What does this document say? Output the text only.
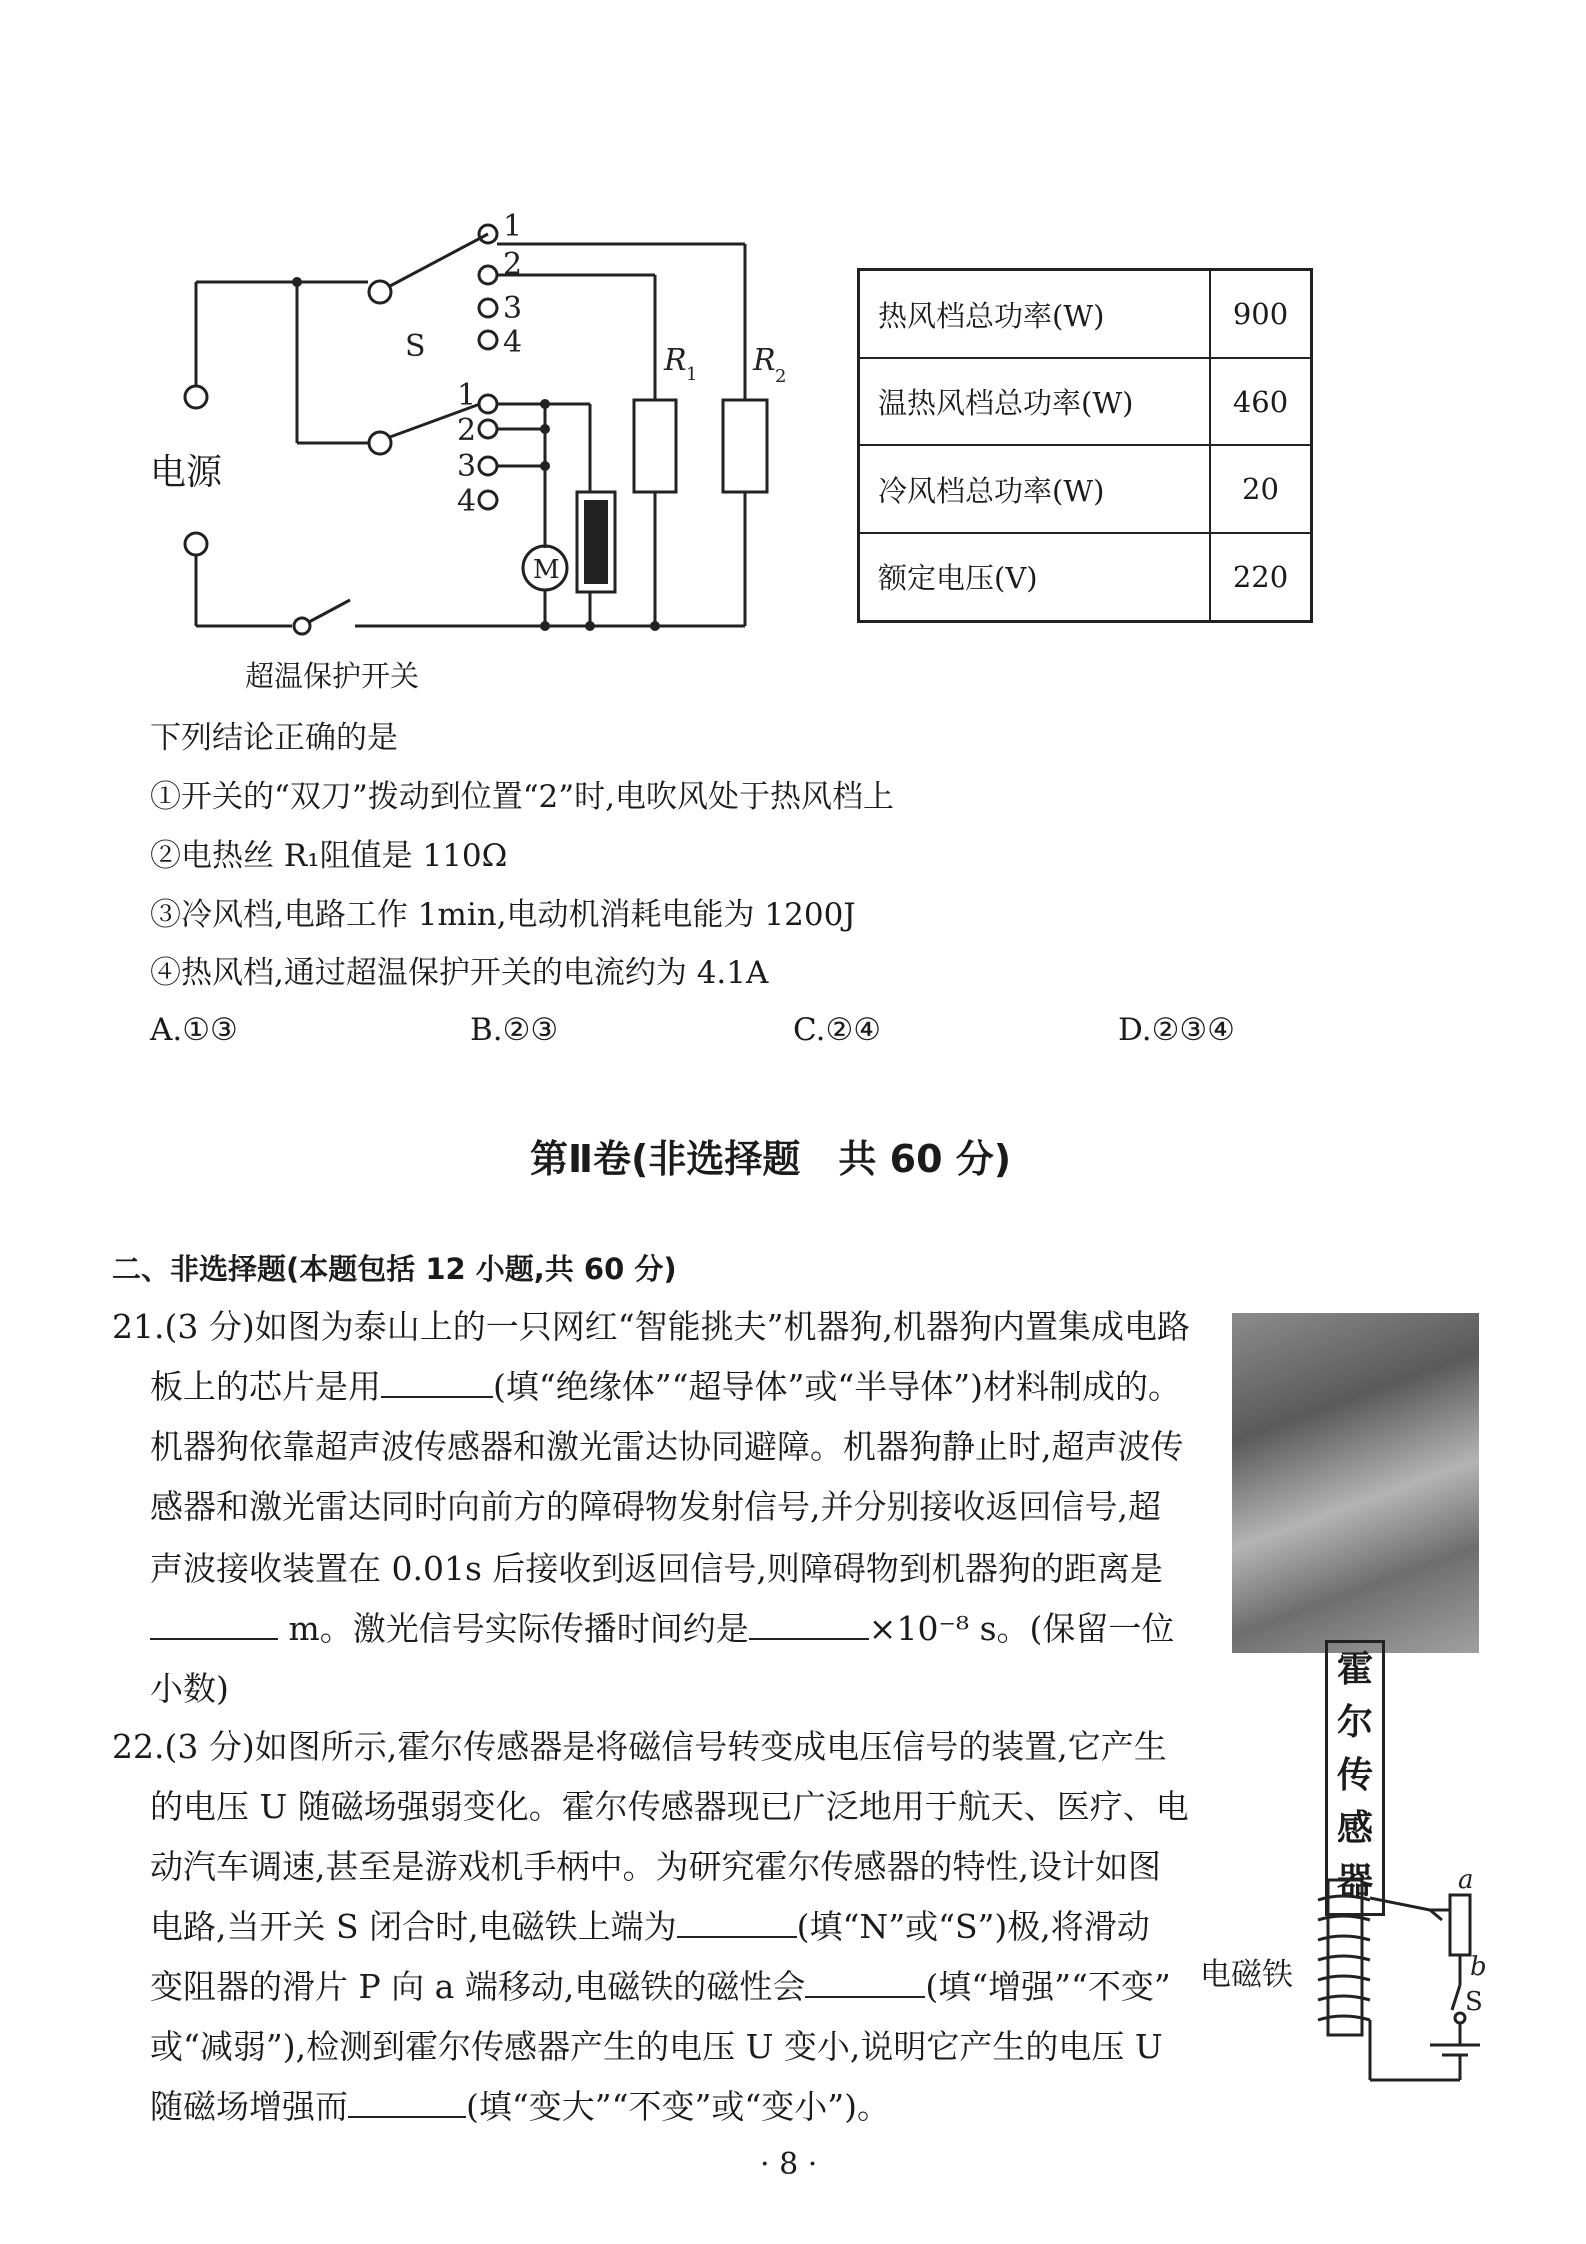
S
1
2
3
4
1
2
3
4
R 1 R 2
M
电源
超温保护开关
热风档总功率(W)	900
温热风档总功率(W)	460
冷风档总功率(W)	20
额定电压(V)	220
下列结论正确的是
①开关的“双刀”拨动到位置“2”时,电吹风处于热风档上
②电热丝 R₁阻值是 110Ω
③冷风档,电路工作 1min,电动机消耗电能为 1200J
④热风档,通过超温保护开关的电流约为 4.1A
A.①③	B.②③	C.②④	D.②③④
第Ⅱ卷(非选择题　共 60 分)
二、非选择题(本题包括 12 小题,共 60 分)
21.(3 分)如图为泰山上的一只网红“智能挑夫”机器狗,机器狗内置集成电路
板上的芯片是用	(填“绝缘体”“超导体”或“半导体”)材料制成的。
机器狗依靠超声波传感器和激光雷达协同避障。机器狗静止时,超声波传
感器和激光雷达同时向前方的障碍物发射信号,并分别接收返回信号,超
声波接收装置在 0.01s 后接收到返回信号,则障碍物到机器狗的距离是
m。激光信号实际传播时间约是	×10⁻⁸ s。(保留一位
小数)	霍
尔
传
感
器	a
b
S
电磁铁
22.(3 分)如图所示,霍尔传感器是将磁信号转变成电压信号的装置,它产生
的电压 U 随磁场强弱变化。霍尔传感器现已广泛地用于航天、医疗、电
动汽车调速,甚至是游戏机手柄中。为研究霍尔传感器的特性,设计如图
电路,当开关 S 闭合时,电磁铁上端为	(填“N”或“S”)极,将滑动
变阻器的滑片 P 向 a 端移动,电磁铁的磁性会	(填“增强”“不变”
或“减弱”),检测到霍尔传感器产生的电压 U 变小,说明它产生的电压 U
随磁场增强而	(填“变大”“不变”或“变小”)。
· 8 ·
